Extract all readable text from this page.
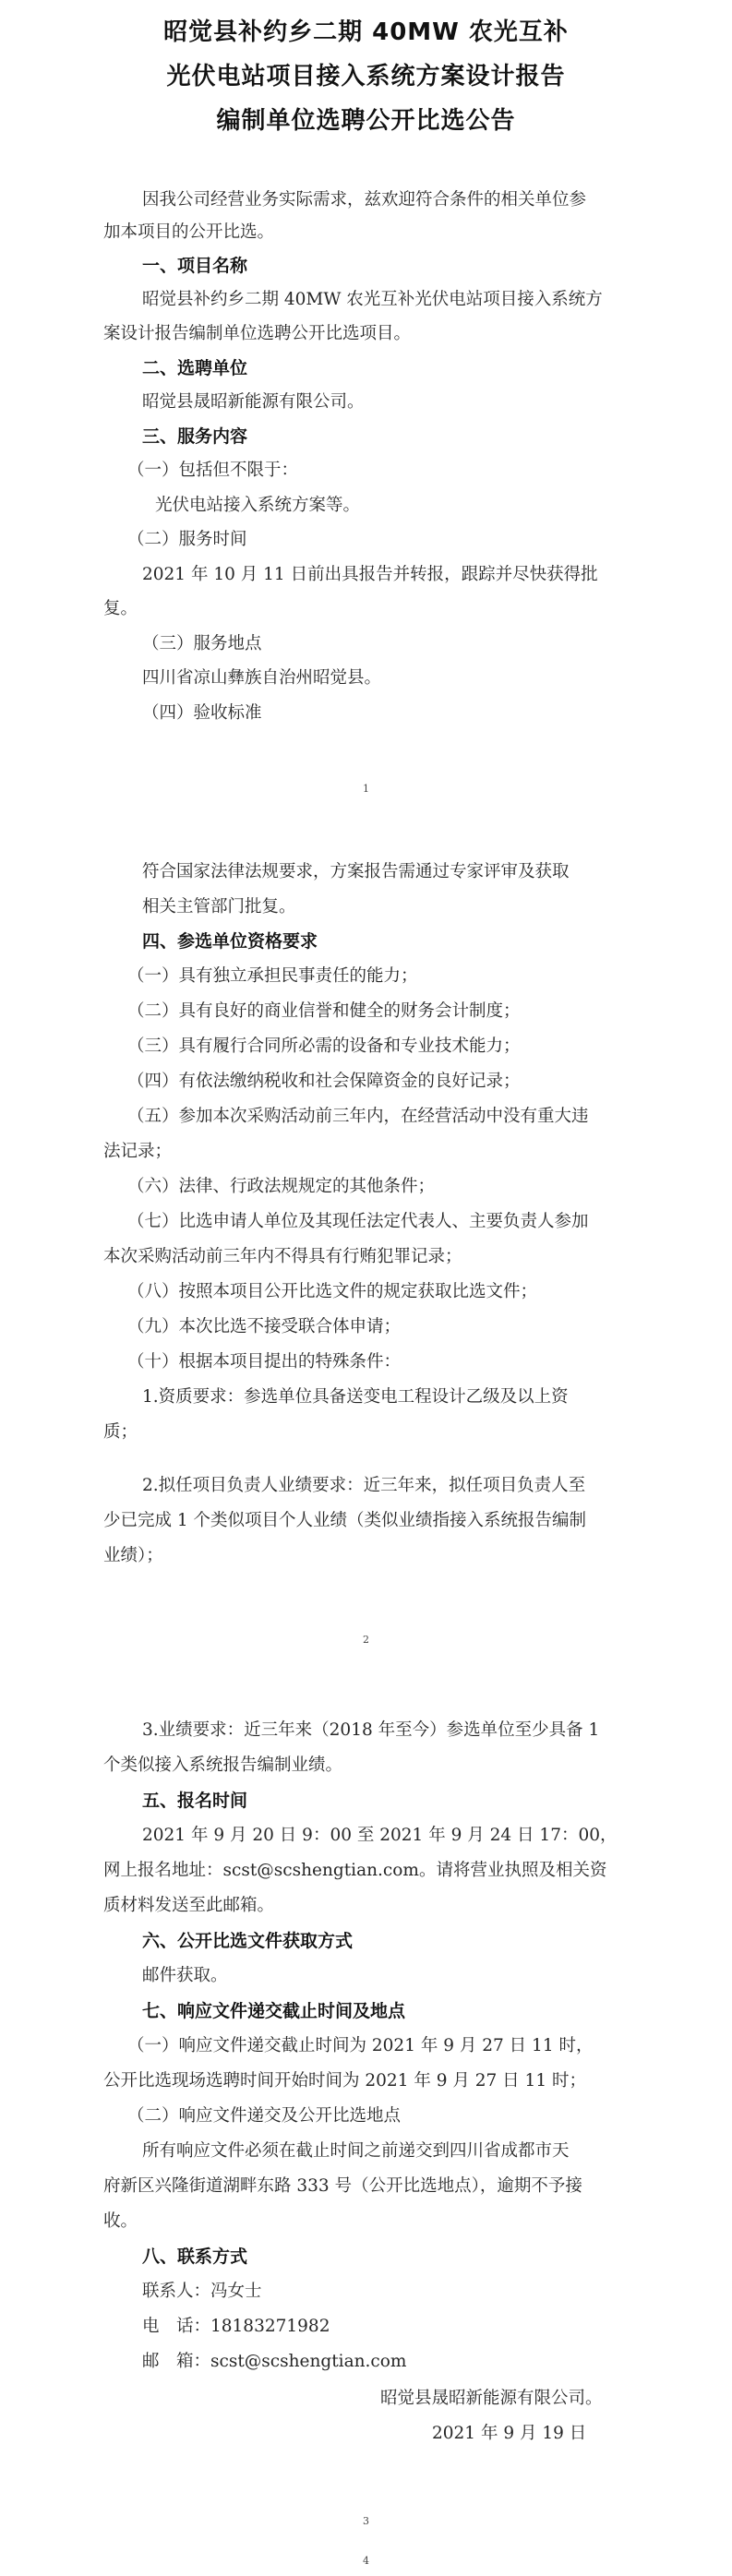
昭觉县补约乡二期 40MW 农光互补
光伏电站项目接入系统方案设计报告
编制单位选聘公开比选公告
因我公司经营业务实际需求，兹欢迎符合条件的相关单位参
加本项目的公开比选。
一、项目名称
昭觉县补约乡二期 40MW 农光互补光伏电站项目接入系统方
案设计报告编制单位选聘公开比选项目。
二、选聘单位
昭觉县晟昭新能源有限公司。
三、服务内容
（一）包括但不限于：
光伏电站接入系统方案等。
（二）服务时间
2021 年 10 月 11 日前出具报告并转报，跟踪并尽快获得批
复。
（三）服务地点
四川省凉山彝族自治州昭觉县。
（四）验收标准
1
符合国家法律法规要求，方案报告需通过专家评审及获取
相关主管部门批复。
四、参选单位资格要求
（一）具有独立承担民事责任的能力；
（二）具有良好的商业信誉和健全的财务会计制度；
（三）具有履行合同所必需的设备和专业技术能力；
（四）有依法缴纳税收和社会保障资金的良好记录；
（五）参加本次采购活动前三年内，在经营活动中没有重大违
法记录；
（六）法律、行政法规规定的其他条件；
（七）比选申请人单位及其现任法定代表人、主要负责人参加
本次采购活动前三年内不得具有行贿犯罪记录；
（八）按照本项目公开比选文件的规定获取比选文件；
（九）本次比选不接受联合体申请；
（十）根据本项目提出的特殊条件：
1.资质要求：参选单位具备送变电工程设计乙级及以上资
质；
2.拟任项目负责人业绩要求：近三年来，拟任项目负责人至
少已完成 1 个类似项目个人业绩（类似业绩指接入系统报告编制
业绩）；
2
3.业绩要求：近三年来（2018 年至今）参选单位至少具备 1
个类似接入系统报告编制业绩。
五、报名时间
2021 年 9 月 20 日 9：00 至 2021 年 9 月 24 日 17：00，
网上报名地址：scst@scshengtian.com。请将营业执照及相关资
质材料发送至此邮箱。
六、公开比选文件获取方式
邮件获取。
七、响应文件递交截止时间及地点
（一）响应文件递交截止时间为 2021 年 9 月 27 日 11 时，
公开比选现场选聘时间开始时间为 2021 年 9 月 27 日 11 时；
（二）响应文件递交及公开比选地点
所有响应文件必须在截止时间之前递交到四川省成都市天
府新区兴隆街道湖畔东路 333 号（公开比选地点），逾期不予接
收。
八、联系方式
联系人：冯女士
电　话：18183271982
邮　箱：scst@scshengtian.com
昭觉县晟昭新能源有限公司。
2021 年 9 月 19 日
3
4
